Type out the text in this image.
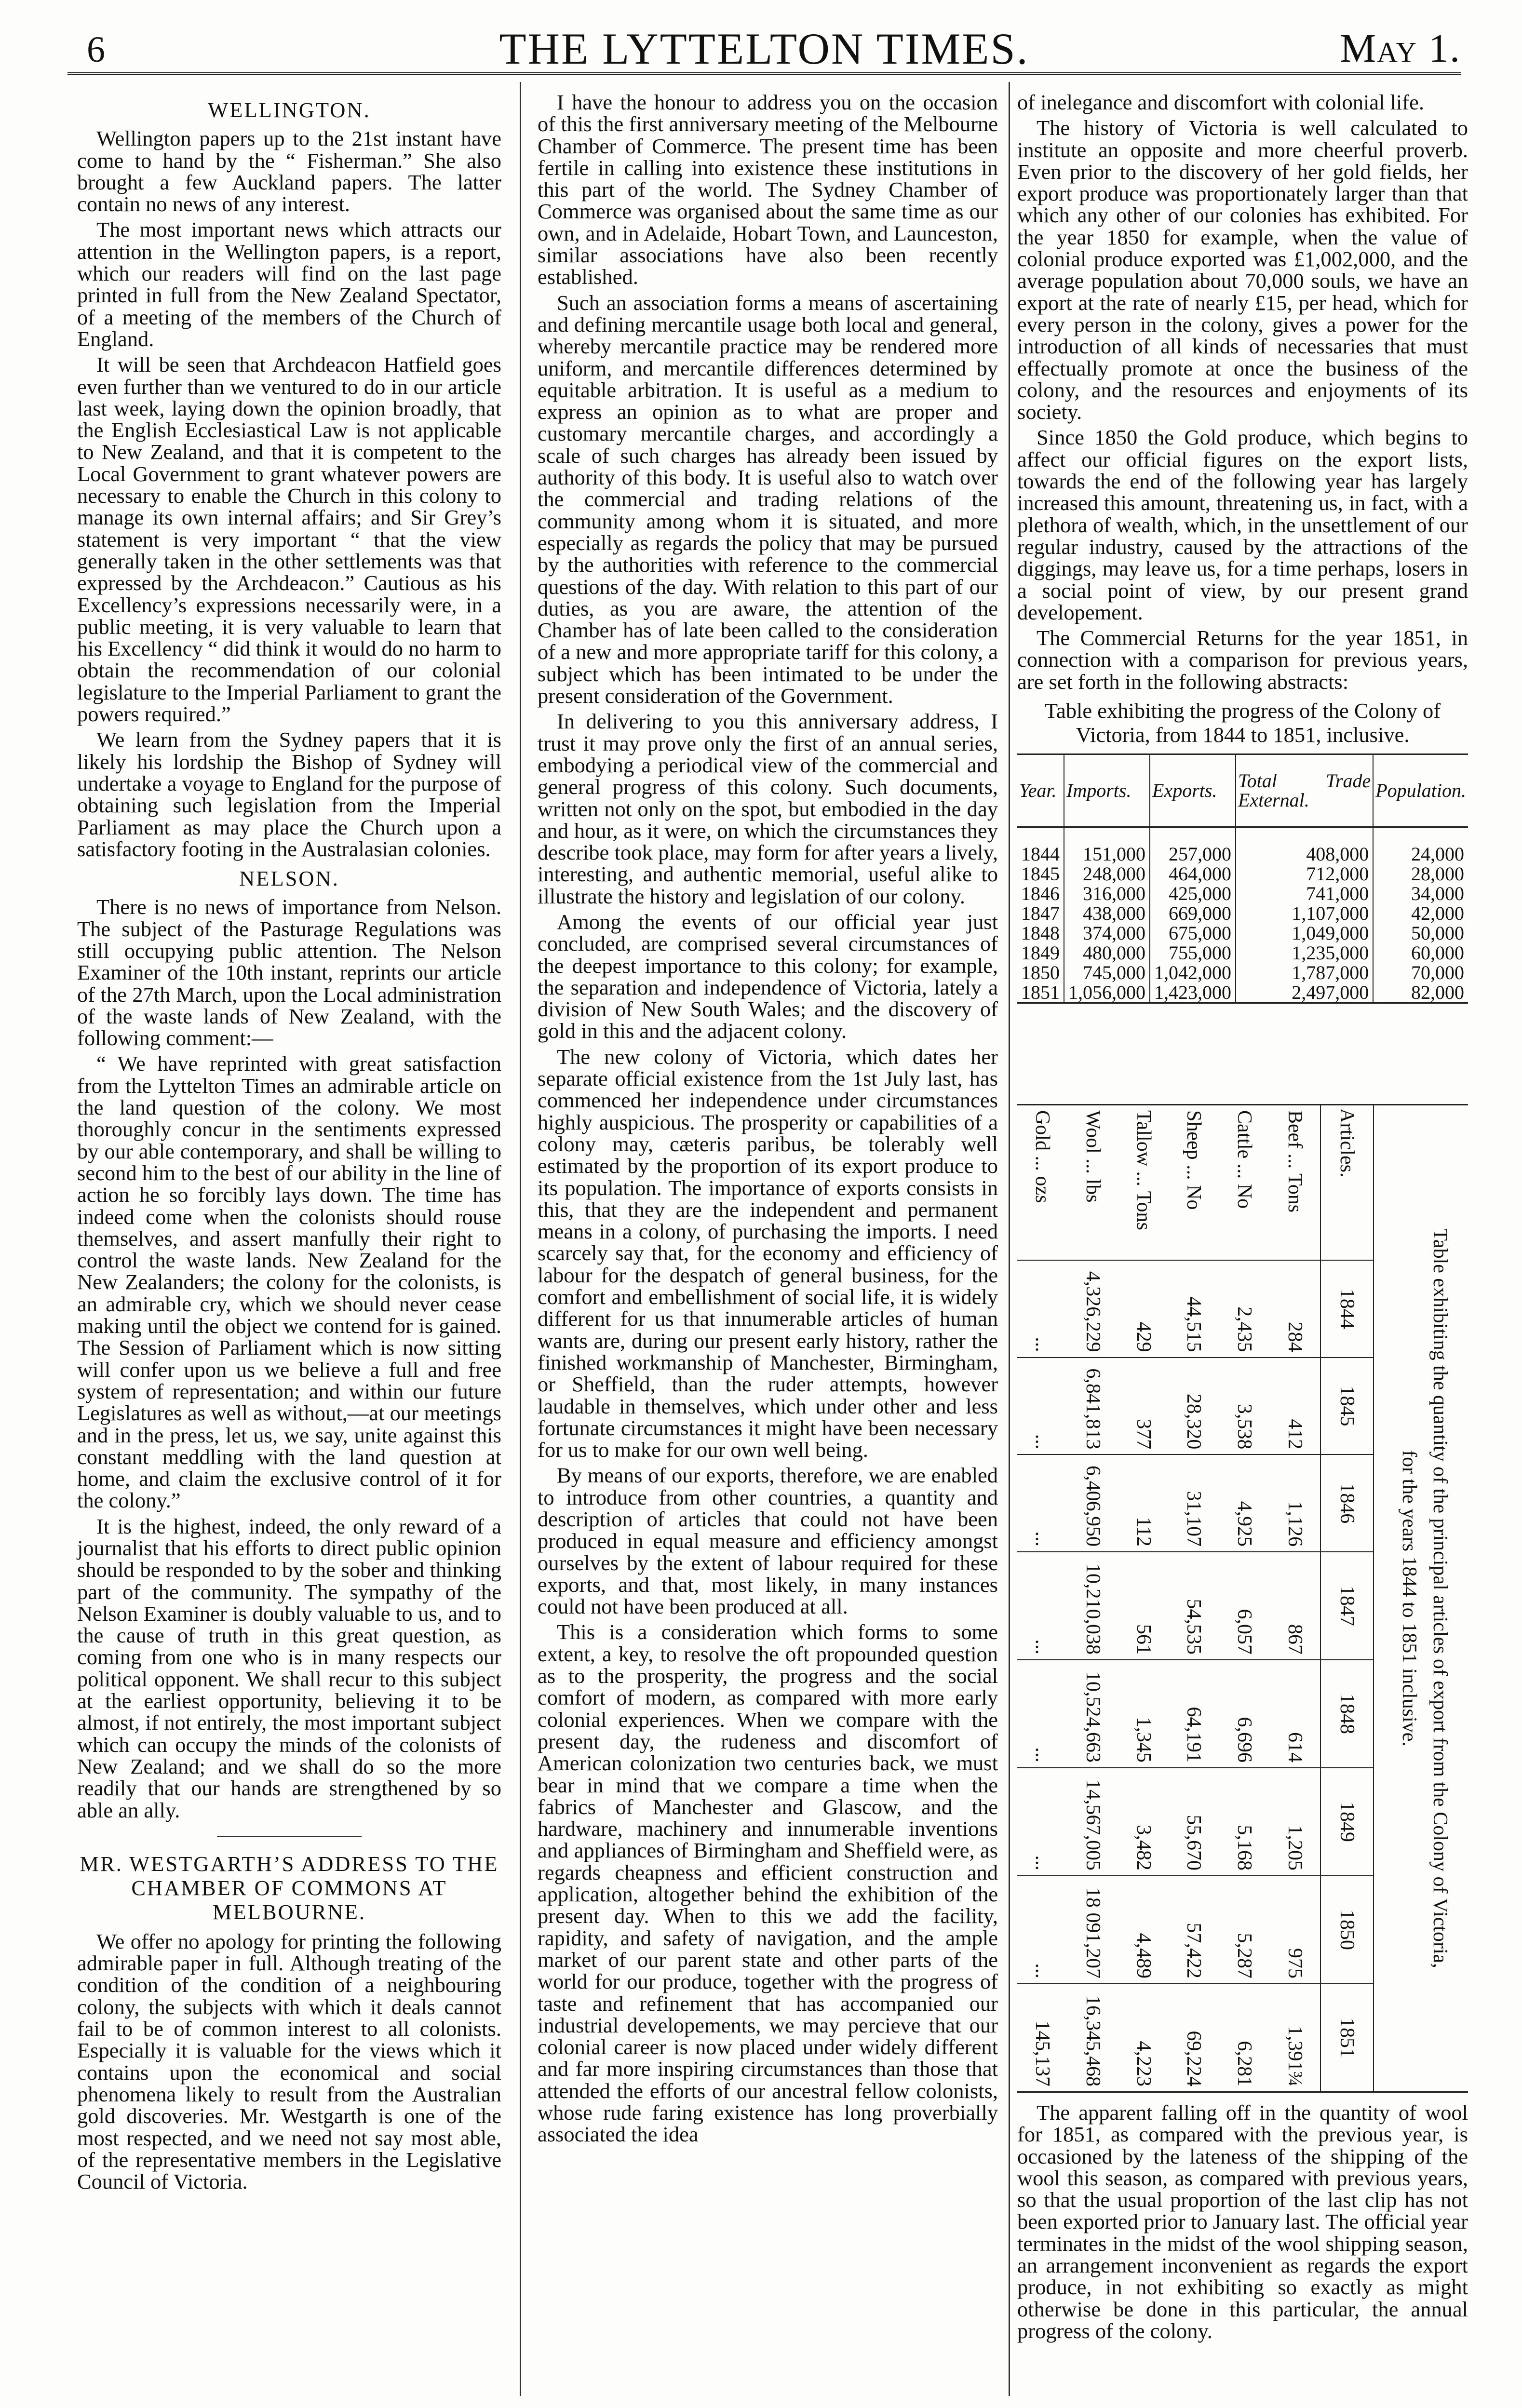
6	THE LYTTELTON TIMES.	May 1.
WELLINGTON.

Wellington papers up to the 21st instant have come to hand by the “ Fisherman.” She also brought a few Auckland papers. The latter contain no news of any interest.

The most important news which attracts our attention in the Wellington papers, is a report, which our readers will find on the last page printed in full from the New Zealand Spectator, of a meeting of the members of the Church of England.

It will be seen that Archdeacon Hatfield goes even further than we ventured to do in our article last week, laying down the opinion broadly, that the English Ecclesiastical Law is not applicable to New Zealand, and that it is competent to the Local Government to grant whatever powers are necessary to enable the Church in this colony to manage its own internal affairs; and Sir Grey’s statement is very important “ that the view generally taken in the other settlements was that expressed by the Archdeacon.” Cautious as his Excellency’s expressions necessarily were, in a public meeting, it is very valuable to learn that his Excellency “ did think it would do no harm to obtain the recommendation of our colonial legislature to the Imperial Parliament to grant the powers required.”

We learn from the Sydney papers that it is likely his lordship the Bishop of Sydney will undertake a voyage to England for the purpose of obtaining such legislation from the Imperial Parliament as may place the Church upon a satisfactory footing in the Australasian colonies.

NELSON.

There is no news of importance from Nelson. The subject of the Pasturage Regulations was still occupying public attention. The Nelson Examiner of the 10th instant, reprints our article of the 27th March, upon the Local administration of the waste lands of New Zealand, with the following comment:—

“ We have reprinted with great satisfaction from the Lyttelton Times an admirable article on the land question of the colony. We most thoroughly concur in the sentiments expressed by our able contemporary, and shall be willing to second him to the best of our ability in the line of action he so forcibly lays down. The time has indeed come when the colonists should rouse themselves, and assert manfully their right to control the waste lands. New Zealand for the New Zealanders; the colony for the colonists, is an admirable cry, which we should never cease making until the object we contend for is gained. The Session of Parliament which is now sitting will confer upon us we believe a full and free system of representation; and within our future Legislatures as well as without,—at our meetings and in the press, let us, we say, unite against this constant meddling with the land question at home, and claim the exclusive control of it for the colony.”

It is the highest, indeed, the only reward of a journalist that his efforts to direct public opinion should be responded to by the sober and thinking part of the community. The sympathy of the Nelson Examiner is doubly valuable to us, and to the cause of truth in this great question, as coming from one who is in many respects our political opponent. We shall recur to this subject at the earliest opportunity, believing it to be almost, if not entirely, the most important subject which can occupy the minds of the colonists of New Zealand; and we shall do so the more readily that our hands are strengthened by so able an ally.

MR. WESTGARTH’S ADDRESS TO THE CHAMBER OF COMMONS AT MELBOURNE.

We offer no apology for printing the following admirable paper in full. Although treating of the condition of the condition of a neighbouring colony, the subjects with which it deals cannot fail to be of common interest to all colonists. Especially it is valuable for the views which it contains upon the economical and social phenomena likely to result from the Australian gold discoveries. Mr. Westgarth is one of the most respected, and we need not say most able, of the representative members in the Legislative Council of Victoria.

I have the honour to address you on the occasion of this the first anniversary meeting of the Melbourne Chamber of Commerce. The present time has been fertile in calling into existence these institutions in this part of the world. The Sydney Chamber of Commerce was organised about the same time as our own, and in Adelaide, Hobart Town, and Launceston, similar associations have also been recently established.

Such an association forms a means of ascertaining and defining mercantile usage both local and general, whereby mercantile practice may be rendered more uniform, and mercantile differences determined by equitable arbitration. It is useful as a medium to express an opinion as to what are proper and customary mercantile charges, and accordingly a scale of such charges has already been issued by authority of this body. It is useful also to watch over the commercial and trading relations of the community among whom it is situated, and more especially as regards the policy that may be pursued by the authorities with reference to the commercial questions of the day. With relation to this part of our duties, as you are aware, the attention of the Chamber has of late been called to the consideration of a new and more appropriate tariff for this colony, a subject which has been intimated to be under the present consideration of the Government.

In delivering to you this anniversary address, I trust it may prove only the first of an annual series, embodying a periodical view of the commercial and general progress of this colony. Such documents, written not only on the spot, but embodied in the day and hour, as it were, on which the circumstances they describe took place, may form for after years a lively, interesting, and authentic memorial, useful alike to illustrate the history and legislation of our colony.

Among the events of our official year just concluded, are comprised several circumstances of the deepest importance to this colony; for example, the separation and independence of Victoria, lately a division of New South Wales; and the discovery of gold in this and the adjacent colony.

The new colony of Victoria, which dates her separate official existence from the 1st July last, has commenced her independence under circumstances highly auspicious. The prosperity or capabilities of a colony may, cæteris paribus, be tolerably well estimated by the proportion of its export produce to its population. The importance of exports consists in this, that they are the independent and permanent means in a colony, of purchasing the imports. I need scarcely say that, for the economy and efficiency of labour for the despatch of general business, for the comfort and embellishment of social life, it is widely different for us that innumerable articles of human wants are, during our present early history, rather the finished workmanship of Manchester, Birmingham, or Sheffield, than the ruder attempts, however laudable in themselves, which under other and less fortunate circumstances it might have been necessary for us to make for our own well being.

By means of our exports, therefore, we are enabled to introduce from other countries, a quantity and description of articles that could not have been produced in equal measure and efficiency amongst ourselves by the extent of labour required for these exports, and that, most likely, in many instances could not have been produced at all.

This is a consideration which forms to some extent, a key, to resolve the oft propounded question as to the prosperity, the progress and the social comfort of modern, as compared with more early colonial experiences. When we compare with the present day, the rudeness and discomfort of American colonization two centuries back, we must bear in mind that we compare a time when the fabrics of Manchester and Glascow, and the hardware, machinery and innumerable inventions and appliances of Birmingham and Sheffield were, as regards cheapness and efficient construction and application, altogether behind the exhibition of the present day. When to this we add the facility, rapidity, and safety of navigation, and the ample market of our parent state and other parts of the world for our produce, together with the progress of taste and refinement that has accompanied our industrial developements, we may percieve that our colonial career is now placed under widely different and far more inspiring circumstances than those that attended the efforts of our ancestral fellow colonists, whose rude faring existence has long proverbially associated the idea

of inelegance and discomfort with colonial life.

The history of Victoria is well calculated to institute an opposite and more cheerful proverb. Even prior to the discovery of her gold fields, her export produce was proportionately larger than that which any other of our colonies has exhibited. For the year 1850 for example, when the value of colonial produce exported was £1,002,000, and the average population about 70,000 souls, we have an export at the rate of nearly £15, per head, which for every person in the colony, gives a power for the introduction of all kinds of necessaries that must effectually promote at once the business of the colony, and the resources and enjoyments of its society.

Since 1850 the Gold produce, which begins to affect our official figures on the export lists, towards the end of the following year has largely increased this amount, threatening us, in fact, with a plethora of wealth, which, in the unsettlement of our regular industry, caused by the attractions of the diggings, may leave us, for a time perhaps, losers in a social point of view, by our present grand developement.

The Commercial Returns for the year 1851, in connection with a comparison for previous years, are set forth in the following abstracts:

Table exhibiting the progress of the Colony of Victoria, from 1844 to 1851, inclusive.
Year.	Imports.	Exports.	Total Trade External.	Population.
1844	151,000	257,000	408,000	24,000
1845	248,000	464,000	712,000	28,000
1846	316,000	425,000	741,000	34,000
1847	438,000	669,000	1,107,000	42,000
1848	374,000	675,000	1,049,000	50,000
1849	480,000	755,000	1,235,000	60,000
1850	745,000	1,042,000	1,787,000	70,000
1851	1,056,000	1,423,000	2,497,000	82,000
Table exhibiting the quantity of the principal articles of export from the Colony of Victoria,
for the years 1844 to 1851 inclusive.
Articles.	1844	1845	1846	1847	1848	1849	1850	1851
Beef ... Tons	284	412	1,126	867	614	1,205	975	1,391¾
Cattle ... No	2,435	3,538	4,925	6,057	6,696	5,168	5,287	6,281
Sheep ... No	44,515	28,320	31,107	54,535	64,191	55,670	57,422	69,224
Tallow ... Tons	429	377	112	561	1,345	3,482	4,489	4,223
Wool ... lbs	4,326,229	6,841,813	6,406,950	10,210,038	10,524,663	14,567,005	18 091,207	16,345,468
Gold ... ozs	...	...	...	...	...	...	...	145,137

The apparent falling off in the quantity of wool for 1851, as compared with the previous year, is occasioned by the lateness of the shipping of the wool this season, as compared with previous years, so that the usual proportion of the last clip has not been exported prior to January last. The official year terminates in the midst of the wool shipping season, an arrangement inconvenient as regards the export produce, in not exhibiting so exactly as might otherwise be done in this particular, the annual progress of the colony.
